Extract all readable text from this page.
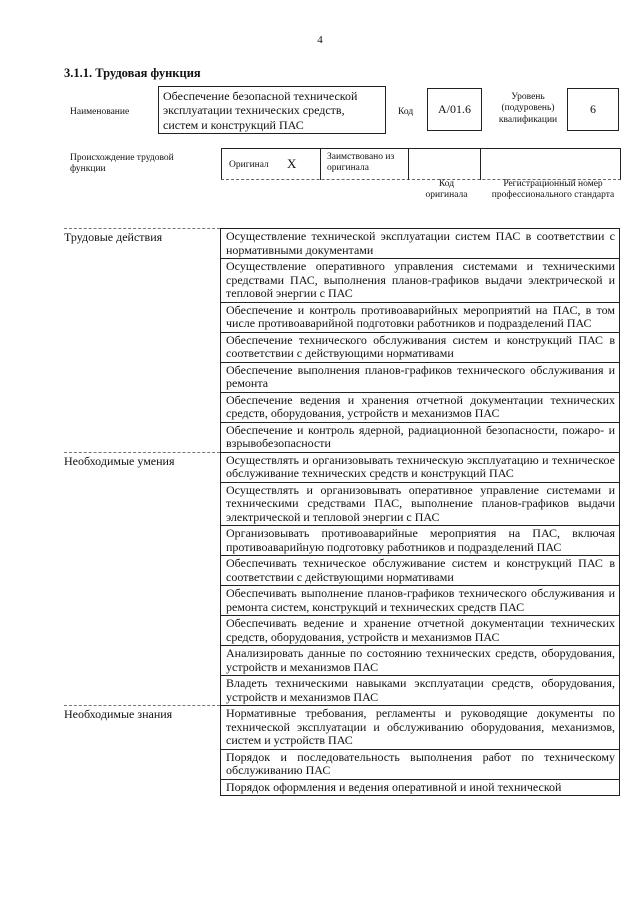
4
3.1.1. Трудовая функция
Наименование
Обеспечение безопасной технической эксплуатации технических средств, систем и конструкций ПАС
Код A/01.6
Уровень (подуровень) квалификации
6
Происхождение трудовой функции	Оригинал X	Заимствовано из оригинала
Код оригинала
Регистрационный номер профессионального стандарта
Трудовые действия	Осуществление технической эксплуатации систем ПАС в соответствии с нормативными документами
Осуществление оперативного управления системами и техническими средствами ПАС, выполнения планов-графиков выдачи электрической и тепловой энергии с ПАС
Обеспечение и контроль противоаварийных мероприятий на ПАС, в том числе противоаварийной подготовки работников и подразделений ПАС
Обеспечение технического обслуживания систем и конструкций ПАС в соответствии с действующими нормативами
Обеспечение выполнения планов-графиков технического обслуживания и ремонта
Обеспечение ведения и хранения отчетной документации технических средств, оборудования, устройств и механизмов ПАС
Обеспечение и контроль ядерной, радиационной безопасности, пожаро- и взрывобезопасности
Необходимые умения	Осуществлять и организовывать техническую эксплуатацию и техническое обслуживание технических средств и конструкций ПАС
Осуществлять и организовывать оперативное управление системами и техническими средствами ПАС, выполнение планов-графиков выдачи электрической и тепловой энергии с ПАС
Организовывать противоаварийные мероприятия на ПАС, включая противоаварийную подготовку работников и подразделений ПАС
Обеспечивать техническое обслуживание систем и конструкций ПАС в соответствии с действующими нормативами
Обеспечивать выполнение планов-графиков технического обслуживания и ремонта систем, конструкций и технических средств ПАС
Обеспечивать ведение и хранение отчетной документации технических средств, оборудования, устройств и механизмов ПАС
Анализировать данные по состоянию технических средств, оборудования, устройств и механизмов ПАС
Владеть техническими навыками эксплуатации средств, оборудования, устройств и механизмов ПАС
Необходимые знания	Нормативные требования, регламенты и руководящие документы по технической эксплуатации и обслуживанию оборудования, механизмов, систем и устройств ПАС
Порядок и последовательность выполнения работ по техническому обслуживанию ПАС
Порядок оформления и ведения оперативной и иной технической
